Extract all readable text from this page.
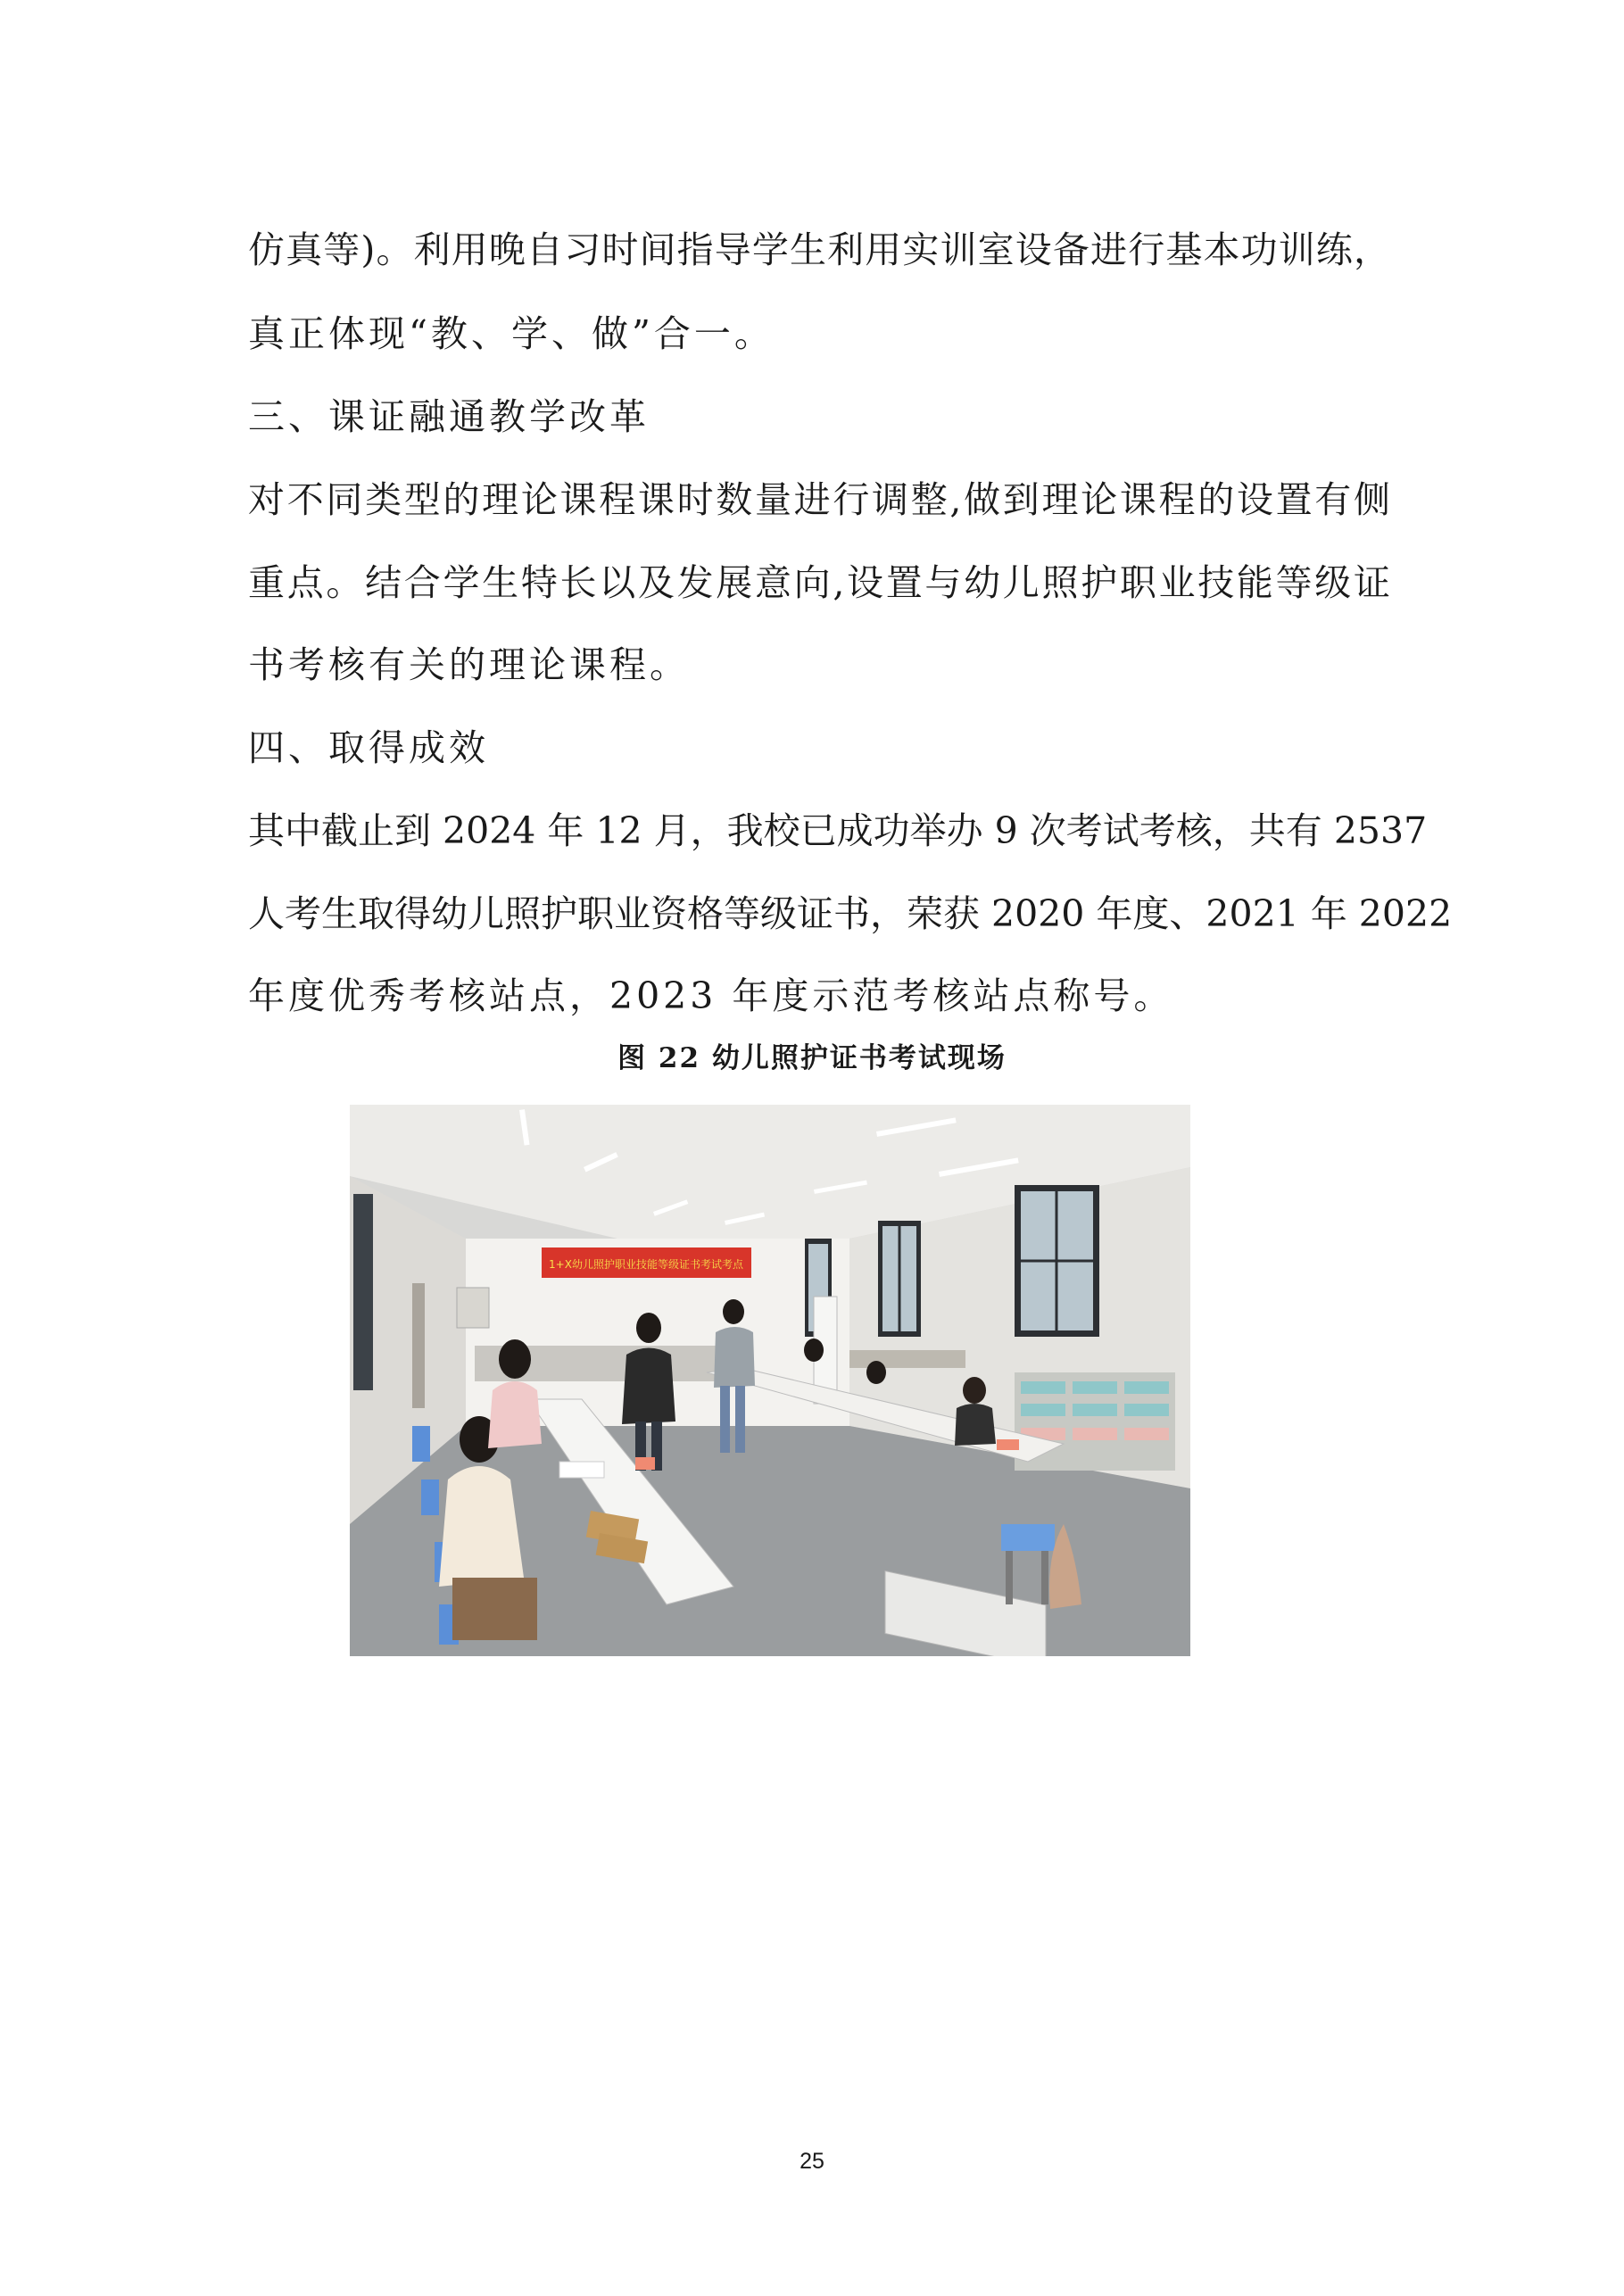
仿真等)。利用晚自习时间指导学生利用实训室设备进行基本功训练，
真正体现“教、学、做”合一。
三、课证融通教学改革
对不同类型的理论课程课时数量进行调整,做到理论课程的设置有侧
重点。结合学生特长以及发展意向,设置与幼儿照护职业技能等级证
书考核有关的理论课程。
四、取得成效
其中截止到 2024 年 12 月，我校已成功举办 9 次考试考核，共有 2537
人考生取得幼儿照护职业资格等级证书，荣获 2020 年度、2021 年 2022
年度优秀考核站点，2023 年度示范考核站点称号。
图 22 幼儿照护证书考试现场
1+X幼儿照护职业技能等级证书考试考点
25
